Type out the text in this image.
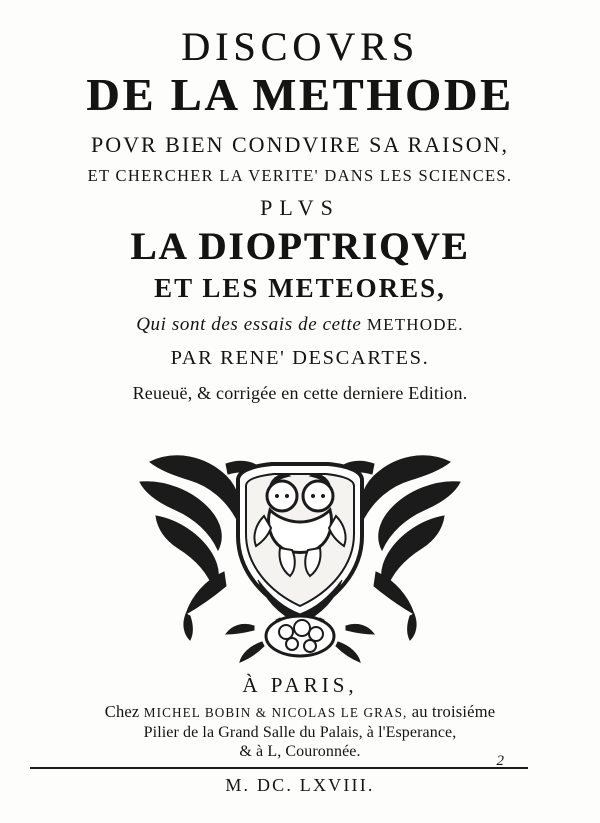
DISCOVRS
DE LA METHODE
POVR BIEN CONDVIRE SA RAISON,
ET CHERCHER LA VERITE' DANS LES SCIENCES.
PLVS
LA DIOPTRIQVE
ET LES METEORES,
Qui sont des essais de cette METHODE.
PAR RENE' DESCARTES.
Reueuë, & corrigée en cette derniere Edition.
À PARIS,
Chez MICHEL BOBIN & NICOLAS LE GRAS, au troisiéme
Pilier de la Grand Salle du Palais, à l'Esperance,
& à L, Couronnée.
2
M. DC. LXVIII.
